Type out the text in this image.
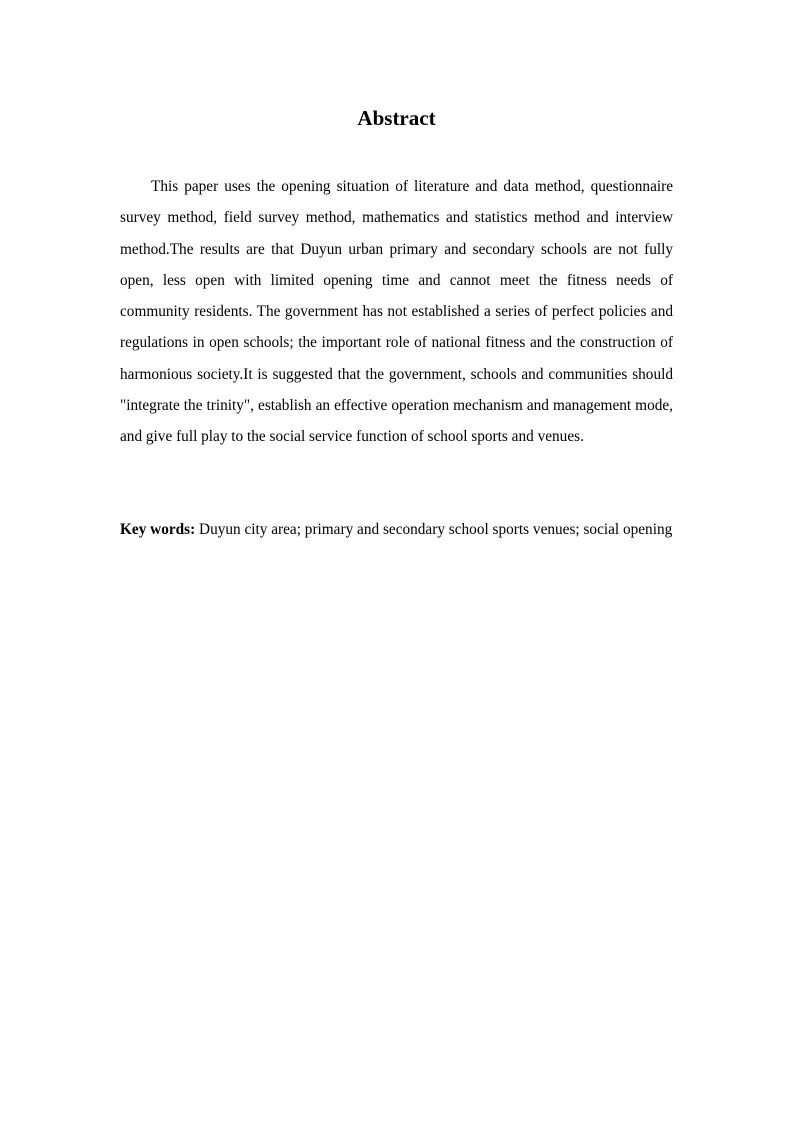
Abstract

This paper uses the opening situation of literature and data method, questionnaire survey method, field survey method, mathematics and statistics method and interview method.The results are that Duyun urban primary and secondary schools are not fully open, less open with limited opening time and cannot meet the fitness needs of community residents. The government has not established a series of perfect policies and regulations in open schools; the important role of national fitness and the construction of harmonious society.It is suggested that the government, schools and communities should "integrate the trinity", establish an effective operation mechanism and management mode, and give full play to the social service function of school sports and venues.

Key words: Duyun city area; primary and secondary school sports venues; social opening
